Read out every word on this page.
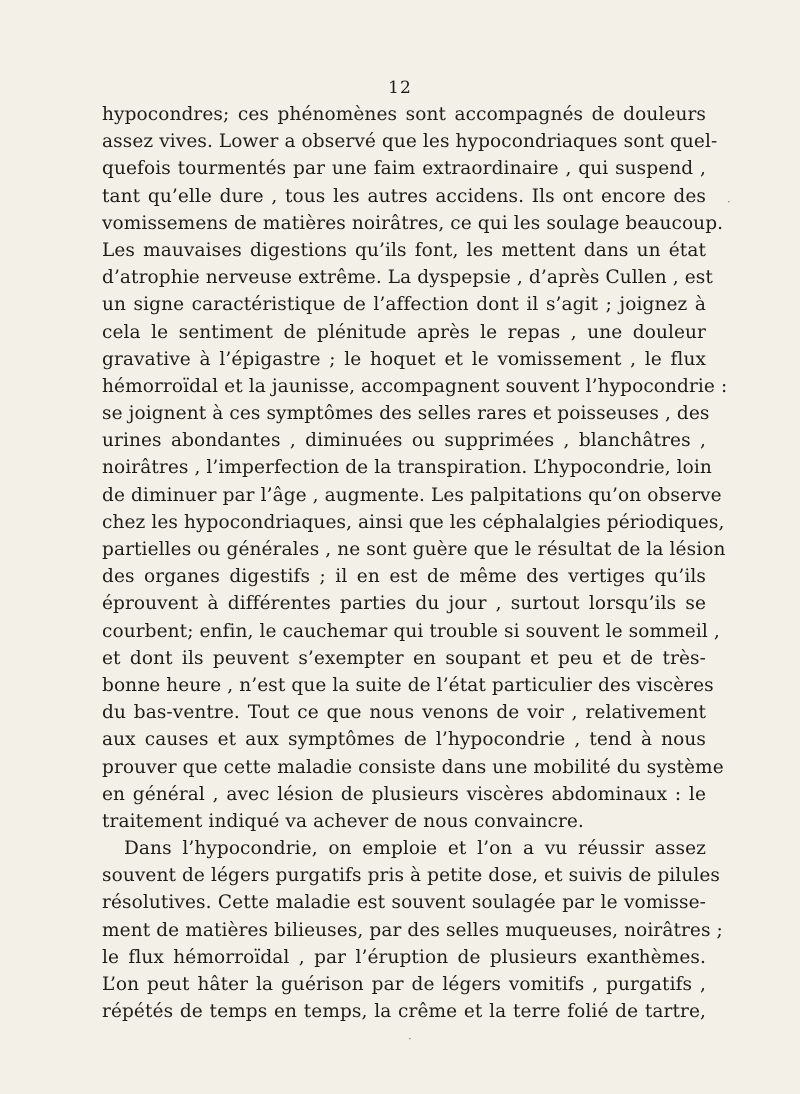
12
hypocondres; ces phénomènes sont accompagnés de douleurs
assez vives. Lower a observé que les hypocondriaques sont quel-
quefois tourmentés par une faim extraordinaire , qui suspend ,
tant qu’elle dure , tous les autres accidens. Ils ont encore des
vomissemens de matières noirâtres, ce qui les soulage beaucoup.
Les mauvaises digestions qu’ils font, les mettent dans un état
d’atrophie nerveuse extrême. La dyspepsie , d’après Cullen , est
un signe caractéristique de l’affection dont il s’agit ; joignez à
cela le sentiment de plénitude après le repas , une douleur
gravative à l’épigastre ; le hoquet et le vomissement , le flux
hémorroïdal et la jaunisse, accompagnent souvent l’hypocondrie :
se joignent à ces symptômes des selles rares et poisseuses , des
urines abondantes , diminuées ou supprimées , blanchâtres ,
noirâtres , l’imperfection de la transpiration. L’hypocondrie, loin
de diminuer par l’âge , augmente. Les palpitations qu’on observe
chez les hypocondriaques, ainsi que les céphalalgies périodiques,
partielles ou générales , ne sont guère que le résultat de la lésion
des organes digestifs ; il en est de même des vertiges qu’ils
éprouvent à différentes parties du jour , surtout lorsqu’ils se
courbent; enfin, le cauchemar qui trouble si souvent le sommeil ,
et dont ils peuvent s’exempter en soupant et peu et de très-
bonne heure , n’est que la suite de l’état particulier des viscères
du bas-ventre. Tout ce que nous venons de voir , relativement
aux causes et aux symptômes de l’hypocondrie , tend à nous
prouver que cette maladie consiste dans une mobilité du système
en général , avec lésion de plusieurs viscères abdominaux : le
traitement indiqué va achever de nous convaincre.
Dans l’hypocondrie, on emploie et l’on a vu réussir assez
souvent de légers purgatifs pris à petite dose, et suivis de pilules
résolutives. Cette maladie est souvent soulagée par le vomisse-
ment de matières bilieuses, par des selles muqueuses, noirâtres ;
le flux hémorroïdal , par l’éruption de plusieurs exanthèmes.
L’on peut hâter la guérison par de légers vomitifs , purgatifs ,
répétés de temps en temps, la crême et la terre folié de tartre,
·
·
